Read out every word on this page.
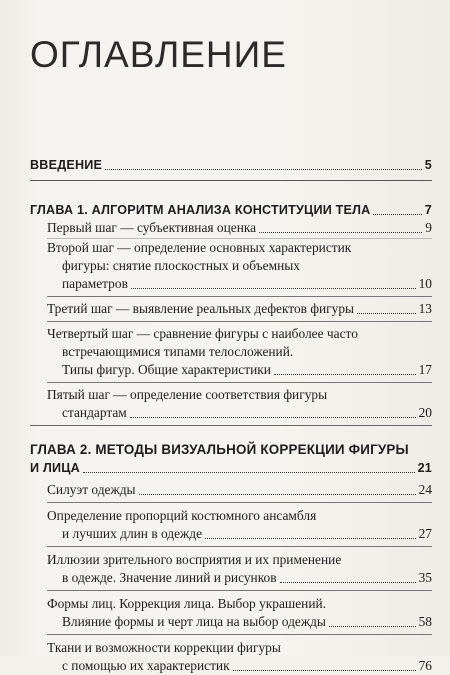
ОГЛАВЛЕНИЕ
ВВЕДЕНИЕ	5
ГЛАВА 1. АЛГОРИТМ АНАЛИЗА КОНСТИТУЦИИ ТЕЛА	7
Первый шаг — субъективная оценка	9
Второй шаг — определение основных характеристик
фигуры: снятие плоскостных и объемных
параметров	10
Третий шаг — выявление реальных дефектов фигуры	13
Четвертый шаг — сравнение фигуры с наиболее часто
встречающимися типами телосложений.
Типы фигур. Общие характеристики	17
Пятый шаг — определение соответствия фигуры
стандартам	20
ГЛАВА 2. МЕТОДЫ ВИЗУАЛЬНОЙ КОРРЕКЦИИ ФИГУРЫ
И ЛИЦА	21
Силуэт одежды	24
Определение пропорций костюмного ансамбля
и лучших длин в одежде	27
Иллюзии зрительного восприятия и их применение
в одежде. Значение линий и рисунков	35
Формы лиц. Коррекция лица. Выбор украшений.
Влияние формы и черт лица на выбор одежды	58
Ткани и возможности коррекции фигуры
с помощью их характеристик	76
